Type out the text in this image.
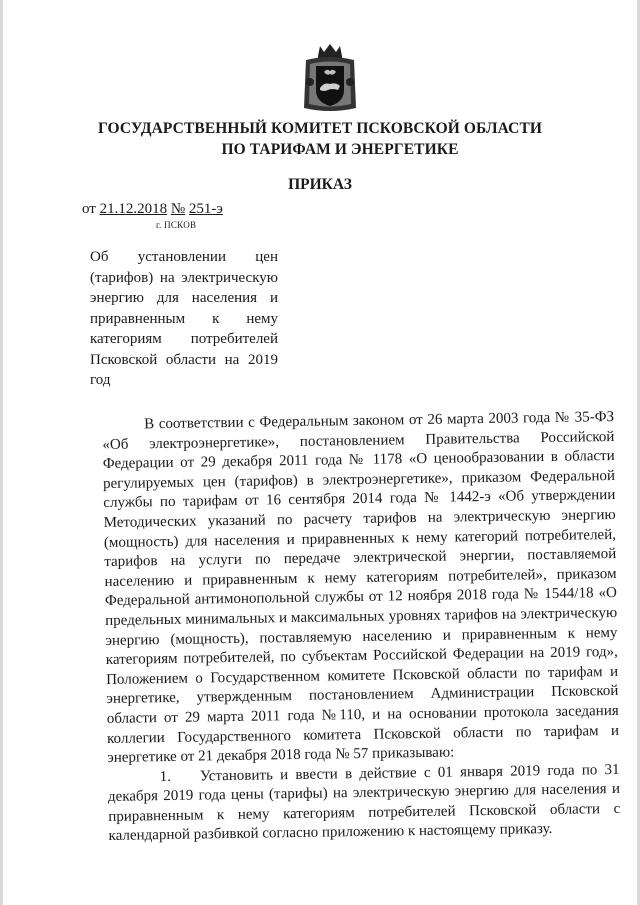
ГОСУДАРСТВЕННЫЙ КОМИТЕТ ПСКОВСКОЙ ОБЛАСТИ
ПО ТАРИФАМ И ЭНЕРГЕТИКЕ
ПРИКАЗ
от 21.12.2018 № 251-э
г. ПСКОВ
Об установлении цен (тарифов) на электрическую энергию для населения и приравненным к нему категориям потребителей Псковской области на 2019 год

В соответствии с Федеральным законом от 26 марта 2003 года № 35-ФЗ «Об электроэнергетике», постановлением Правительства Российской Федерации от 29 декабря 2011 года № 1178 «О ценообразовании в области регулируемых цен (тарифов) в электроэнергетике», приказом Федеральной службы по тарифам от 16 сентября 2014 года № 1442-э «Об утверждении Методических указаний по расчету тарифов на электрическую энергию (мощность) для населения и приравненных к нему категорий потребителей, тарифов на услуги по передаче электрической энергии, поставляемой населению и приравненным к нему категориям потребителей», приказом Федеральной антимонопольной службы от 12 ноября 2018 года № 1544/18 «О предельных минимальных и максимальных уровнях тарифов на электрическую энергию (мощность), поставляемую населению и приравненным к нему категориям потребителей, по субъектам Российской Федерации на 2019 год», Положением о Государственном комитете Псковской области по тарифам и энергетике, утвержденным постановлением Администрации Псковской области от 29 марта 2011 года №110, и на основании протокола заседания коллегии Государственного комитета Псковской области по тарифам и энергетике от 21 декабря 2018 года № 57 приказываю:

1.    Установить и ввести в действие с 01 января 2019 года по 31 декабря 2019 года цены (тарифы) на электрическую энергию для населения и приравненным к нему категориям потребителей Псковской области с календарной разбивкой согласно приложению к настоящему приказу.
